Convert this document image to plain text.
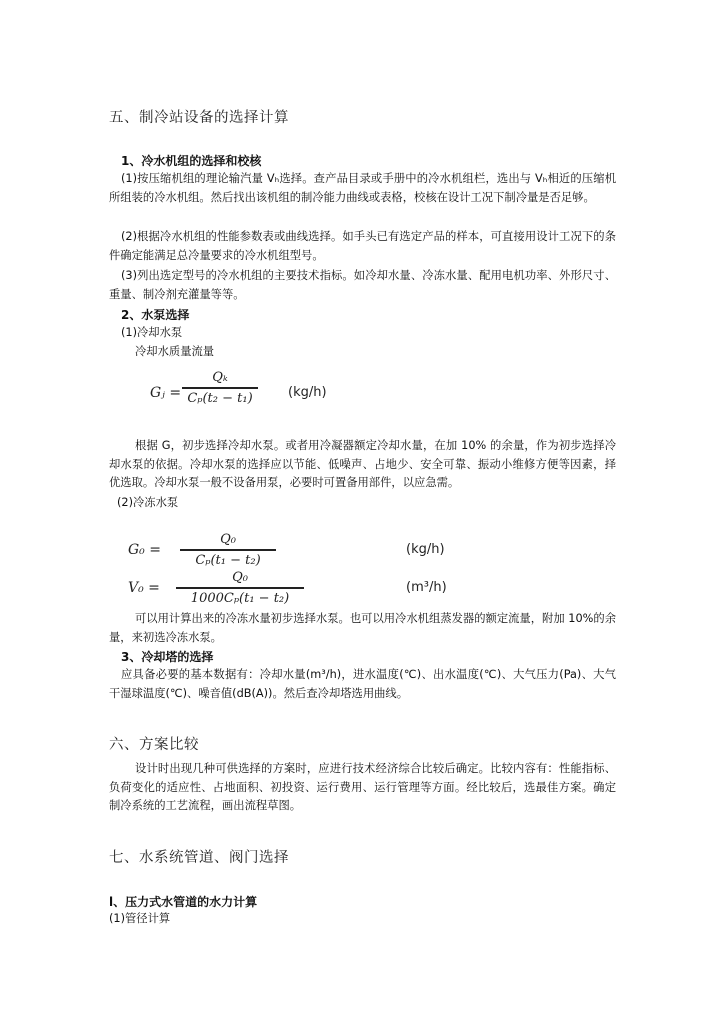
五、制冷站设备的选择计算
1、冷水机组的选择和校核
(1)按压缩机组的理论输汽量 Vₕ选择。查产品目录或手册中的冷水机组栏，选出与 Vₕ相近的压缩机所组装的冷水机组。然后找出该机组的制冷能力曲线或表格，校核在设计工况下制冷量是否足够。
(2)根据冷水机组的性能参数表或曲线选择。如手头已有选定产品的样本，可直接用设计工况下的条件确定能满足总冷量要求的冷水机组型号。
(3)列出选定型号的冷水机组的主要技术指标。如冷却水量、冷冻水量、配用电机功率、外形尺寸、重量、制冷剂充灌量等等。
2、水泵选择
(1)冷却水泵
冷却水质量流量
Gⱼ =
Qₖ
Cₚ(t₂ − t₁)	(kg/h)
根据 G，初步选择冷却水泵。或者用冷凝器额定冷却水量，在加 10% 的余量，作为初步选择冷却水泵的依据。冷却水泵的选择应以节能、低噪声、占地少、安全可靠、振动小维修方便等因素，择优选取。冷却水泵一般不设备用泵，必要时可置备用部件，以应急需。
(2)冷冻水泵
G₀ =
Q₀
Cₚ(t₁ − t₂)
(kg/h)
V₀ =
Q₀
1000Cₚ(t₁ − t₂)
(m³/h)
可以用计算出来的冷冻水量初步选择水泵。也可以用冷水机组蒸发器的额定流量，附加 10%的余量，来初选冷冻水泵。
3、冷却塔的选择
应具备必要的基本数据有：冷却水量(m³/h)，进水温度(℃)、出水温度(℃)、大气压力(Pa)、大气干湿球温度(℃)、噪音值(dB(A))。然后查冷却塔选用曲线。
六、方案比较
设计时出现几种可供选择的方案时，应进行技术经济综合比较后确定。比较内容有：性能指标、负荷变化的适应性、占地面积、初投资、运行费用、运行管理等方面。经比较后，选最佳方案。确定制冷系统的工艺流程，画出流程草图。
七、水系统管道、阀门选择
l、压力式水管道的水力计算
(1)管径计算
